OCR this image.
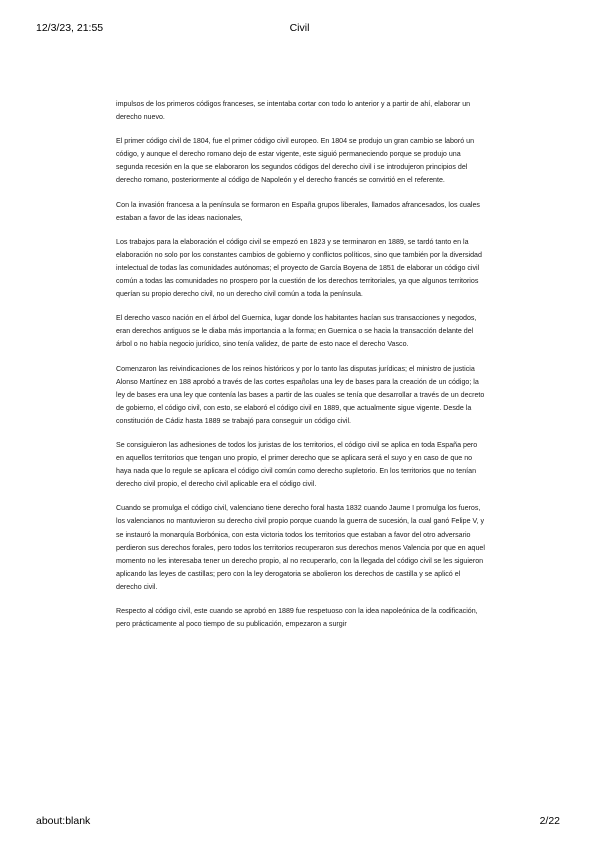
12/3/23, 21:55	Civil

impulsos de los primeros códigos franceses, se intentaba cortar con todo lo anterior y a partir de ahí, elaborar un derecho nuevo.

El primer código civil de 1804, fue el primer código civil europeo. En 1804 se produjo un gran cambio se laboró un código, y aunque el derecho romano dejo de estar vigente, este siguió permaneciendo porque se produjo una segunda recesión en la que se elaboraron los segundos códigos del derecho civil i se introdujeron principios del derecho romano, posteriormente al código de Napoleón y el derecho francés se convirtió en el referente.

Con la invasión francesa a la península se formaron en España grupos liberales, llamados afrancesados, los cuales estaban a favor de las ideas nacionales,

Los trabajos para la elaboración el código civil se empezó en 1823 y se terminaron en 1889, se tardó tanto en la elaboración no solo por los constantes cambios de gobierno y conflictos políticos, sino que también por la diversidad intelectual de todas las comunidades autónomas; el proyecto de García Boyena de 1851 de elaborar un código civil común a todas las comunidades no prospero por la cuestión de los derechos territoriales, ya que algunos territorios querían su propio derecho civil, no un derecho civil común a toda la península.

El derecho vasco nación en el árbol del Guernica, lugar donde los habitantes hacían sus transacciones y negodos, eran derechos antiguos se le diaba más importancia a la forma; en Guernica o se hacia la transacción delante del árbol o no había negocio jurídico, sino tenía validez, de parte de esto nace el derecho Vasco.

Comenzaron las reivindicaciones de los reinos históricos y por lo tanto las disputas jurídicas; el ministro de justicia Alonso Martínez en 188 aprobó a través de las cortes españolas una ley de bases para la creación de un código; la ley de bases era una ley que contenía las bases a partir de las cuales se tenía que desarrollar a través de un decreto de gobierno, el código civil, con esto, se elaboró el código civil en 1889, que actualmente sigue vigente. Desde la constitución de Cádiz hasta 1889 se trabajó para conseguir un código civil.

Se consiguieron las adhesiones de todos los juristas de los territorios, el código civil se aplica en toda España pero en aquellos territorios que tengan uno propio, el primer derecho que se aplicara será el suyo y en caso de que no haya nada que lo regule se aplicara el código civil común como derecho supletorio. En los territorios que no tenían derecho civil propio, el derecho civil aplicable era el código civil.

Cuando se promulga el código civil, valenciano tiene derecho foral hasta 1832 cuando Jaume I promulga los fueros, los valencianos no mantuvieron su derecho civil propio porque cuando la guerra de sucesión, la cual ganó Felipe V, y se instauró la monarquía Borbónica, con esta victoria todos los territorios que estaban a favor del otro adversario perdieron sus derechos forales, pero todos los territorios recuperaron sus derechos menos Valencia por que en aquel momento no les interesaba tener un derecho propio, al no recuperarlo, con la llegada del código civil se les siguieron aplicando las leyes de castillas; pero con la ley derogatoria se abolieron los derechos de castilla y se aplicó el derecho civil.

Respecto al código civil, este cuando se aprobó en 1889 fue respetuoso con la idea napoleónica de la codificación, pero prácticamente al poco tiempo de su publicación, empezaron a surgir

about:blank	2/22
